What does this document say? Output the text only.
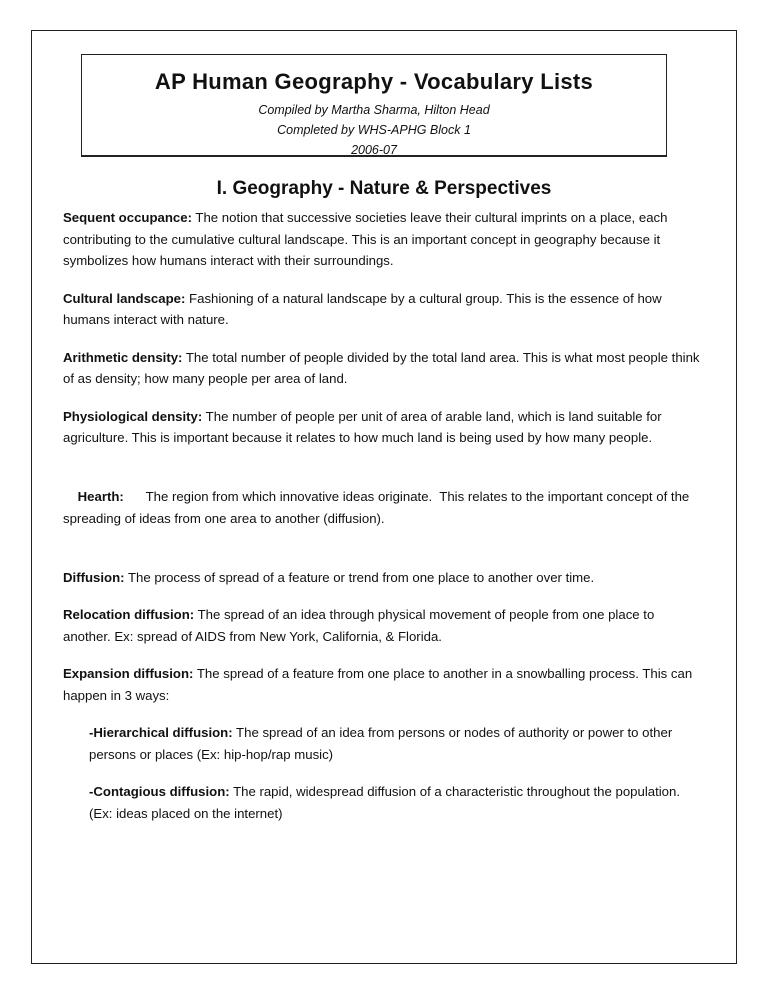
AP Human Geography - Vocabulary Lists
Compiled by Martha Sharma, Hilton Head
Completed by WHS-APHG Block 1
2006-07
I. Geography - Nature & Perspectives

Sequent occupance: The notion that successive societies leave their cultural imprints on a place, each contributing to the cumulative cultural landscape. This is an important concept in geography because it symbolizes how humans interact with their surroundings.

Cultural landscape: Fashioning of a natural landscape by a cultural group. This is the essence of how humans interact with nature.

Arithmetic density: The total number of people divided by the total land area. This is what most people think of as density; how many people per area of land.

Physiological density: The number of people per unit of area of arable land, which is land suitable for agriculture. This is important because it relates to how much land is being used by how many people.

Hearth:      The region from which innovative ideas originate.  This relates to the important concept of the spreading of ideas from one area to another (diffusion).

Diffusion: The process of spread of a feature or trend from one place to another over time.

Relocation diffusion: The spread of an idea through physical movement of people from one place to another. Ex: spread of AIDS from New York, California, & Florida.

Expansion diffusion: The spread of a feature from one place to another in a snowballing process. This can happen in 3 ways:

-Hierarchical diffusion: The spread of an idea from persons or nodes of authority or power to other persons or places (Ex: hip-hop/rap music)

-Contagious diffusion: The rapid, widespread diffusion of a characteristic throughout the population. (Ex: ideas placed on the internet)
